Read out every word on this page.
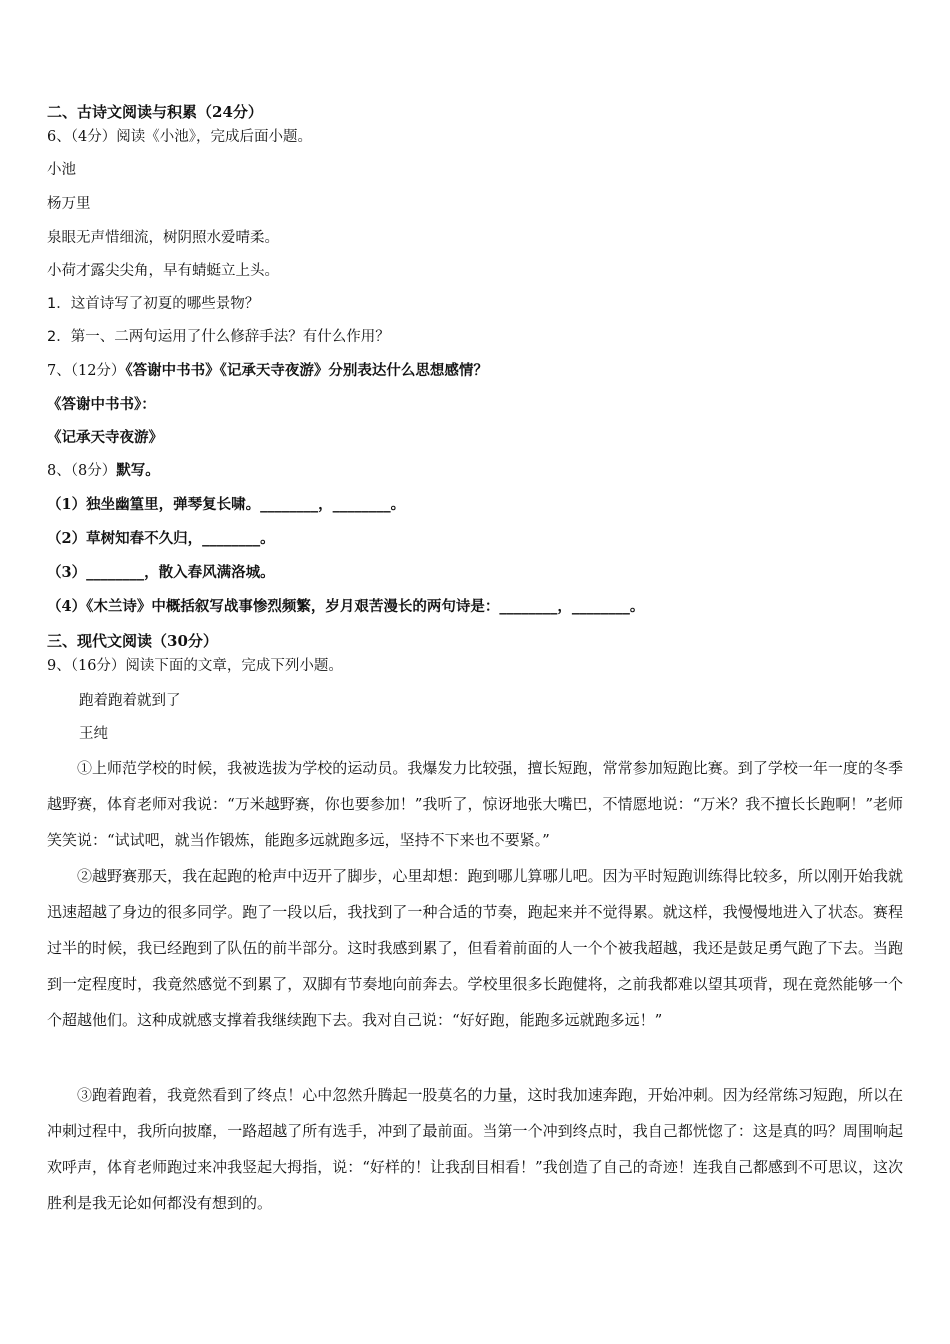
二、古诗文阅读与积累（24分）
6、（4分）阅读《小池》，完成后面小题。
小池
杨万里
泉眼无声惜细流，树阴照水爱晴柔。
小荷才露尖尖角，早有蜻蜓立上头。
1．这首诗写了初夏的哪些景物？
2．第一、二两句运用了什么修辞手法？有什么作用？
7、（12分）《答谢中书书》《记承天寺夜游》分别表达什么思想感情？
《答谢中书书》：
《记承天寺夜游》
8、（8分）默写。
（1）独坐幽篁里，弹琴复长啸。________，________。
（2）草树知春不久归，________。
（3）________，散入春风满洛城。
（4）《木兰诗》中概括叙写战事惨烈频繁，岁月艰苦漫长的两句诗是：________，________。
三、现代文阅读（30分）
9、（16分）阅读下面的文章，完成下列小题。
跑着跑着就到了
王纯
①上师范学校的时候，我被选拔为学校的运动员。我爆发力比较强，擅长短跑，常常参加短跑比赛。到了学校一年一度的冬季越野赛，体育老师对我说：“万米越野赛，你也要参加！”我听了，惊讶地张大嘴巴，不情愿地说：“万米？我不擅长长跑啊！”老师笑笑说：“试试吧，就当作锻炼，能跑多远就跑多远，坚持不下来也不要紧。”
②越野赛那天，我在起跑的枪声中迈开了脚步，心里却想：跑到哪儿算哪儿吧。因为平时短跑训练得比较多，所以刚开始我就迅速超越了身边的很多同学。跑了一段以后，我找到了一种合适的节奏，跑起来并不觉得累。就这样，我慢慢地进入了状态。赛程过半的时候，我已经跑到了队伍的前半部分。这时我感到累了，但看着前面的人一个个被我超越，我还是鼓足勇气跑了下去。当跑到一定程度时，我竟然感觉不到累了，双脚有节奏地向前奔去。学校里很多长跑健将，之前我都难以望其项背，现在竟然能够一个个超越他们。这种成就感支撑着我继续跑下去。我对自己说：“好好跑，能跑多远就跑多远！”
③跑着跑着，我竟然看到了终点！心中忽然升腾起一股莫名的力量，这时我加速奔跑，开始冲刺。因为经常练习短跑，所以在冲刺过程中，我所向披靡，一路超越了所有选手，冲到了最前面。当第一个冲到终点时，我自己都恍惚了：这是真的吗？周围响起欢呼声，体育老师跑过来冲我竖起大拇指，说：“好样的！让我刮目相看！”我创造了自己的奇迹！连我自己都感到不可思议，这次胜利是我无论如何都没有想到的。
